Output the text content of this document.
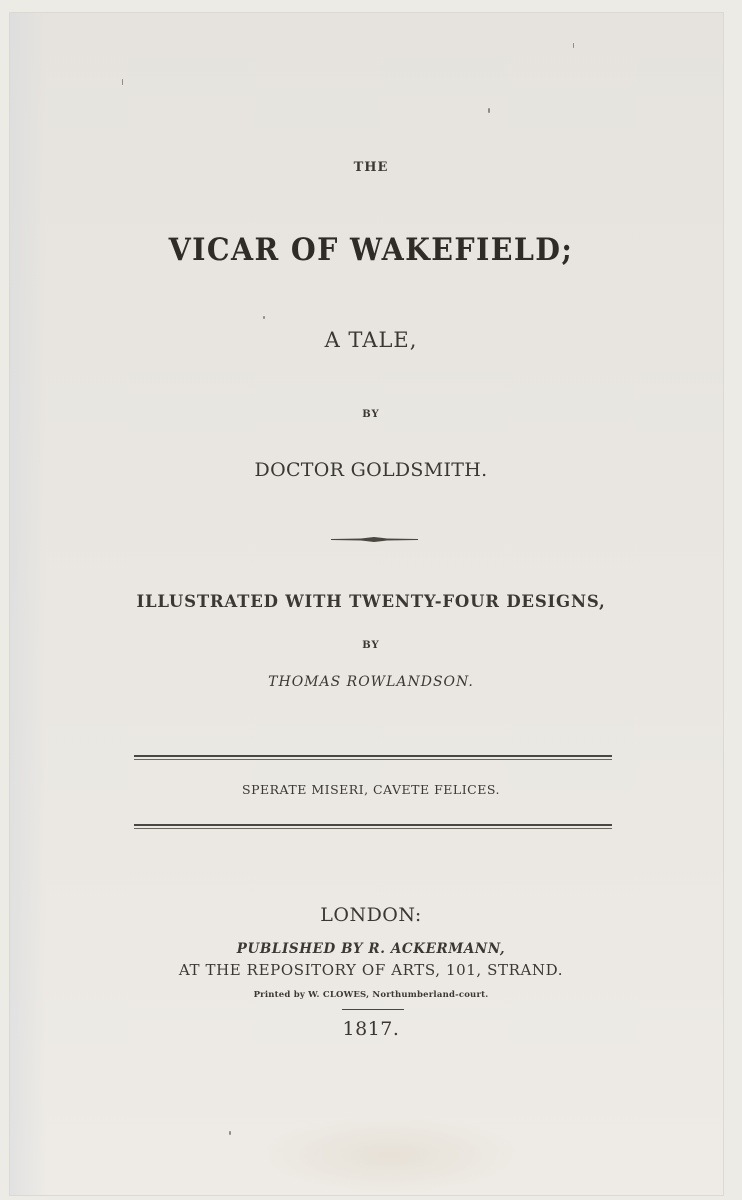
THE
VICAR OF WAKEFIELD;
A TALE,
BY
DOCTOR GOLDSMITH.
ILLUSTRATED WITH TWENTY-FOUR DESIGNS,
BY
THOMAS ROWLANDSON.
SPERATE MISERI, CAVETE FELICES.
LONDON:
PUBLISHED BY R. ACKERMANN,
AT THE REPOSITORY OF ARTS, 101, STRAND.
Printed by W. CLOWES, Northumberland-court.
1817.
